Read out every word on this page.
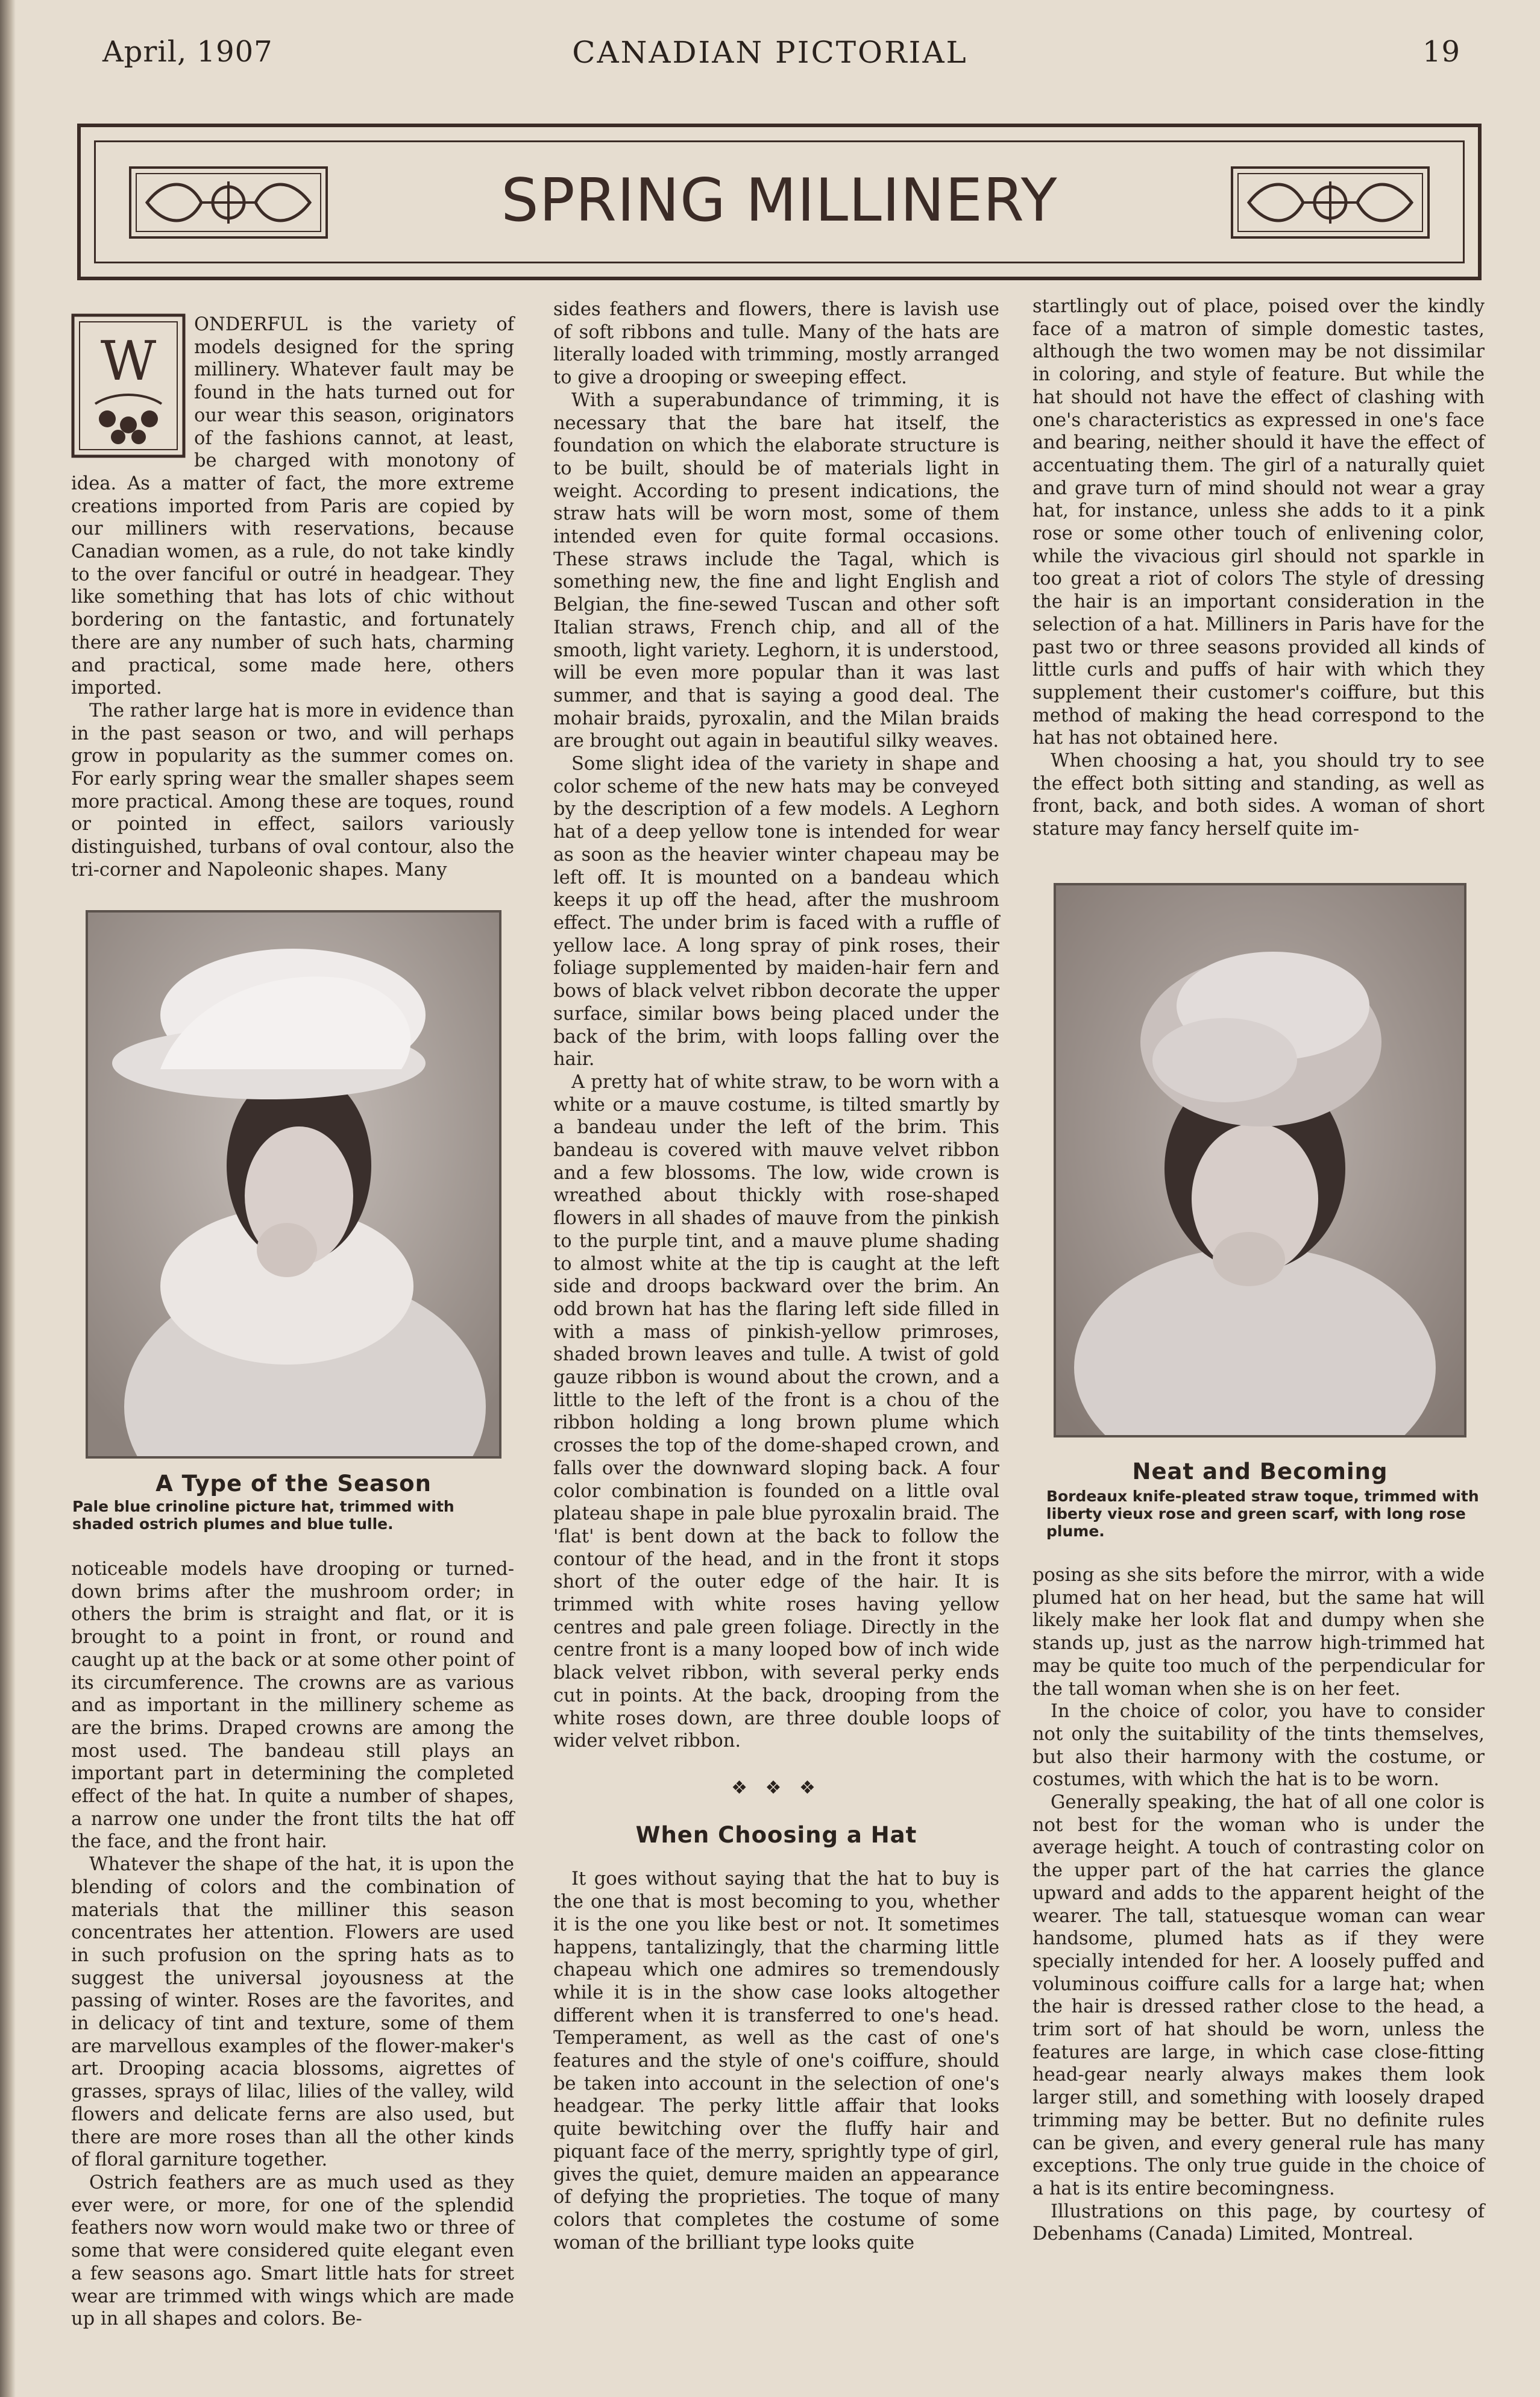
April, 1907	CANADIAN PICTORIAL	19
SPRING MILLINERY
W

ONDERFUL is the variety of models designed for the spring millinery. Whatever fault may be found in the hats turned out for our wear this season, originators of the fashions cannot, at least, be charged with monotony of idea. As a matter of fact, the more extreme creations imported from Paris are copied by our milliners with reservations, because Canadian women, as a rule, do not take kindly to the over fanciful or outré in headgear. They like something that has lots of chic without bordering on the fantastic, and fortunately there are any number of such hats, charming and practical, some made here, others imported.

The rather large hat is more in evidence than in the past season or two, and will perhaps grow in popularity as the summer comes on. For early spring wear the smaller shapes seem more practical. Among these are toques, round or pointed in effect, sailors variously distinguished, turbans of oval contour, also the tri-corner and Napoleonic shapes. Many

A Type of the Season
Pale blue crinoline picture hat, trimmed with shaded ostrich plumes and blue tulle.

noticeable models have drooping or turned-down brims after the mushroom order; in others the brim is straight and flat, or it is brought to a point in front, or round and caught up at the back or at some other point of its circumference. The crowns are as various and as important in the millinery scheme as are the brims. Draped crowns are among the most used. The bandeau still plays an important part in determining the completed effect of the hat. In quite a number of shapes, a narrow one under the front tilts the hat off the face, and the front hair.

Whatever the shape of the hat, it is upon the blending of colors and the combination of materials that the milliner this season concentrates her attention. Flowers are used in such profusion on the spring hats as to suggest the universal joyousness at the passing of winter. Roses are the favorites, and in delicacy of tint and texture, some of them are marvellous examples of the flower-maker's art. Drooping acacia blossoms, aigrettes of grasses, sprays of lilac, lilies of the valley, wild flowers and delicate ferns are also used, but there are more roses than all the other kinds of floral garniture together.

Ostrich feathers are as much used as they ever were, or more, for one of the splendid feathers now worn would make two or three of some that were considered quite elegant even a few seasons ago. Smart little hats for street wear are trimmed with wings which are made up in all shapes and colors. Be-

sides feathers and flowers, there is lavish use of soft ribbons and tulle. Many of the hats are literally loaded with trimming, mostly arranged to give a drooping or sweeping effect.

With a superabundance of trimming, it is necessary that the bare hat itself, the foundation on which the elaborate structure is to be built, should be of materials light in weight. According to present indications, the straw hats will be worn most, some of them intended even for quite formal occasions. These straws include the Tagal, which is something new, the fine and light English and Belgian, the fine-sewed Tuscan and other soft Italian straws, French chip, and all of the smooth, light variety. Leghorn, it is understood, will be even more popular than it was last summer, and that is saying a good deal. The mohair braids, pyroxalin, and the Milan braids are brought out again in beautiful silky weaves.

Some slight idea of the variety in shape and color scheme of the new hats may be conveyed by the description of a few models. A Leghorn hat of a deep yellow tone is intended for wear as soon as the heavier winter chapeau may be left off. It is mounted on a bandeau which keeps it up off the head, after the mushroom effect. The under brim is faced with a ruffle of yellow lace. A long spray of pink roses, their foliage supplemented by maiden-hair fern and bows of black velvet ribbon decorate the upper surface, similar bows being placed under the back of the brim, with loops falling over the hair.

A pretty hat of white straw, to be worn with a white or a mauve costume, is tilted smartly by a bandeau under the left of the brim. This bandeau is covered with mauve velvet ribbon and a few blossoms. The low, wide crown is wreathed about thickly with rose-shaped flowers in all shades of mauve from the pinkish to the purple tint, and a mauve plume shading to almost white at the tip is caught at the left side and droops backward over the brim. An odd brown hat has the flaring left side filled in with a mass of pinkish-yellow primroses, shaded brown leaves and tulle. A twist of gold gauze ribbon is wound about the crown, and a little to the left of the front is a chou of the ribbon holding a long brown plume which crosses the top of the dome-shaped crown, and falls over the downward sloping back. A four color combination is founded on a little oval plateau shape in pale blue pyroxalin braid. The 'flat' is bent down at the back to follow the contour of the head, and in the front it stops short of the outer edge of the hair. It is trimmed with white roses having yellow centres and pale green foliage. Directly in the centre front is a many looped bow of inch wide black velvet ribbon, with several perky ends cut in points. At the back, drooping from the white roses down, are three double loops of wider velvet ribbon.

❖ ❖ ❖
When Choosing a Hat

It goes without saying that the hat to buy is the one that is most becoming to you, whether it is the one you like best or not. It sometimes happens, tantalizingly, that the charming little chapeau which one admires so tremendously while it is in the show case looks altogether different when it is transferred to one's head. Temperament, as well as the cast of one's features and the style of one's coiffure, should be taken into account in the selection of one's headgear. The perky little affair that looks quite bewitching over the fluffy hair and piquant face of the merry, sprightly type of girl, gives the quiet, demure maiden an appearance of defying the proprieties. The toque of many colors that completes the costume of some woman of the brilliant type looks quite

startlingly out of place, poised over the kindly face of a matron of simple domestic tastes, although the two women may be not dissimilar in coloring, and style of feature. But while the hat should not have the effect of clashing with one's characteristics as expressed in one's face and bearing, neither should it have the effect of accentuating them. The girl of a naturally quiet and grave turn of mind should not wear a gray hat, for instance, unless she adds to it a pink rose or some other touch of enlivening color, while the vivacious girl should not sparkle in too great a riot of colors The style of dressing the hair is an important consideration in the selection of a hat. Milliners in Paris have for the past two or three seasons provided all kinds of little curls and puffs of hair with which they supplement their customer's coiffure, but this method of making the head correspond to the hat has not obtained here.

When choosing a hat, you should try to see the effect both sitting and standing, as well as front, back, and both sides. A woman of short stature may fancy herself quite im-

Neat and Becoming
Bordeaux knife-pleated straw toque, trimmed with liberty vieux rose and green scarf, with long rose plume.

posing as she sits before the mirror, with a wide plumed hat on her head, but the same hat will likely make her look flat and dumpy when she stands up, just as the narrow high-trimmed hat may be quite too much of the perpendicular for the tall woman when she is on her feet.

In the choice of color, you have to consider not only the suitability of the tints themselves, but also their harmony with the costume, or costumes, with which the hat is to be worn.

Generally speaking, the hat of all one color is not best for the woman who is under the average height. A touch of contrasting color on the upper part of the hat carries the glance upward and adds to the apparent height of the wearer. The tall, statuesque woman can wear handsome, plumed hats as if they were specially intended for her. A loosely puffed and voluminous coiffure calls for a large hat; when the hair is dressed rather close to the head, a trim sort of hat should be worn, unless the features are large, in which case close-fitting head-gear nearly always makes them look larger still, and something with loosely draped trimming may be better. But no definite rules can be given, and every general rule has many exceptions. The only true guide in the choice of a hat is its entire becomingness.

Illustrations on this page, by courtesy of Debenhams (Canada) Limited, Montreal.
